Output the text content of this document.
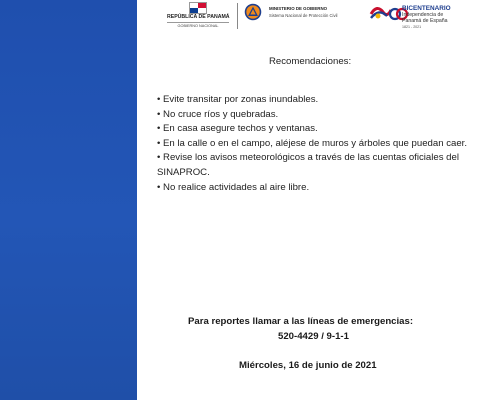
REPÚBLICA DE PANAMÁ
GOBIERNO NACIONAL
MINISTERIO DE GOBIERNO
Sistema Nacional de Protección Civil
BICENTENARIO
Independencia de
Panamá de España
1821 - 2021
Recomendaciones:
• Evite transitar por zonas inundables.
• No cruce ríos y quebradas.
• En casa asegure techos y ventanas.
• En la calle o en el campo, aléjese de muros y árboles que puedan caer.
• Revise los avisos meteorológicos a través de las cuentas oficiales del SINAPROC.
• No realice actividades al aire libre.
Para reportes llamar a las líneas de emergencias:
520-4429 / 9-1-1
Miércoles, 16 de junio de 2021
